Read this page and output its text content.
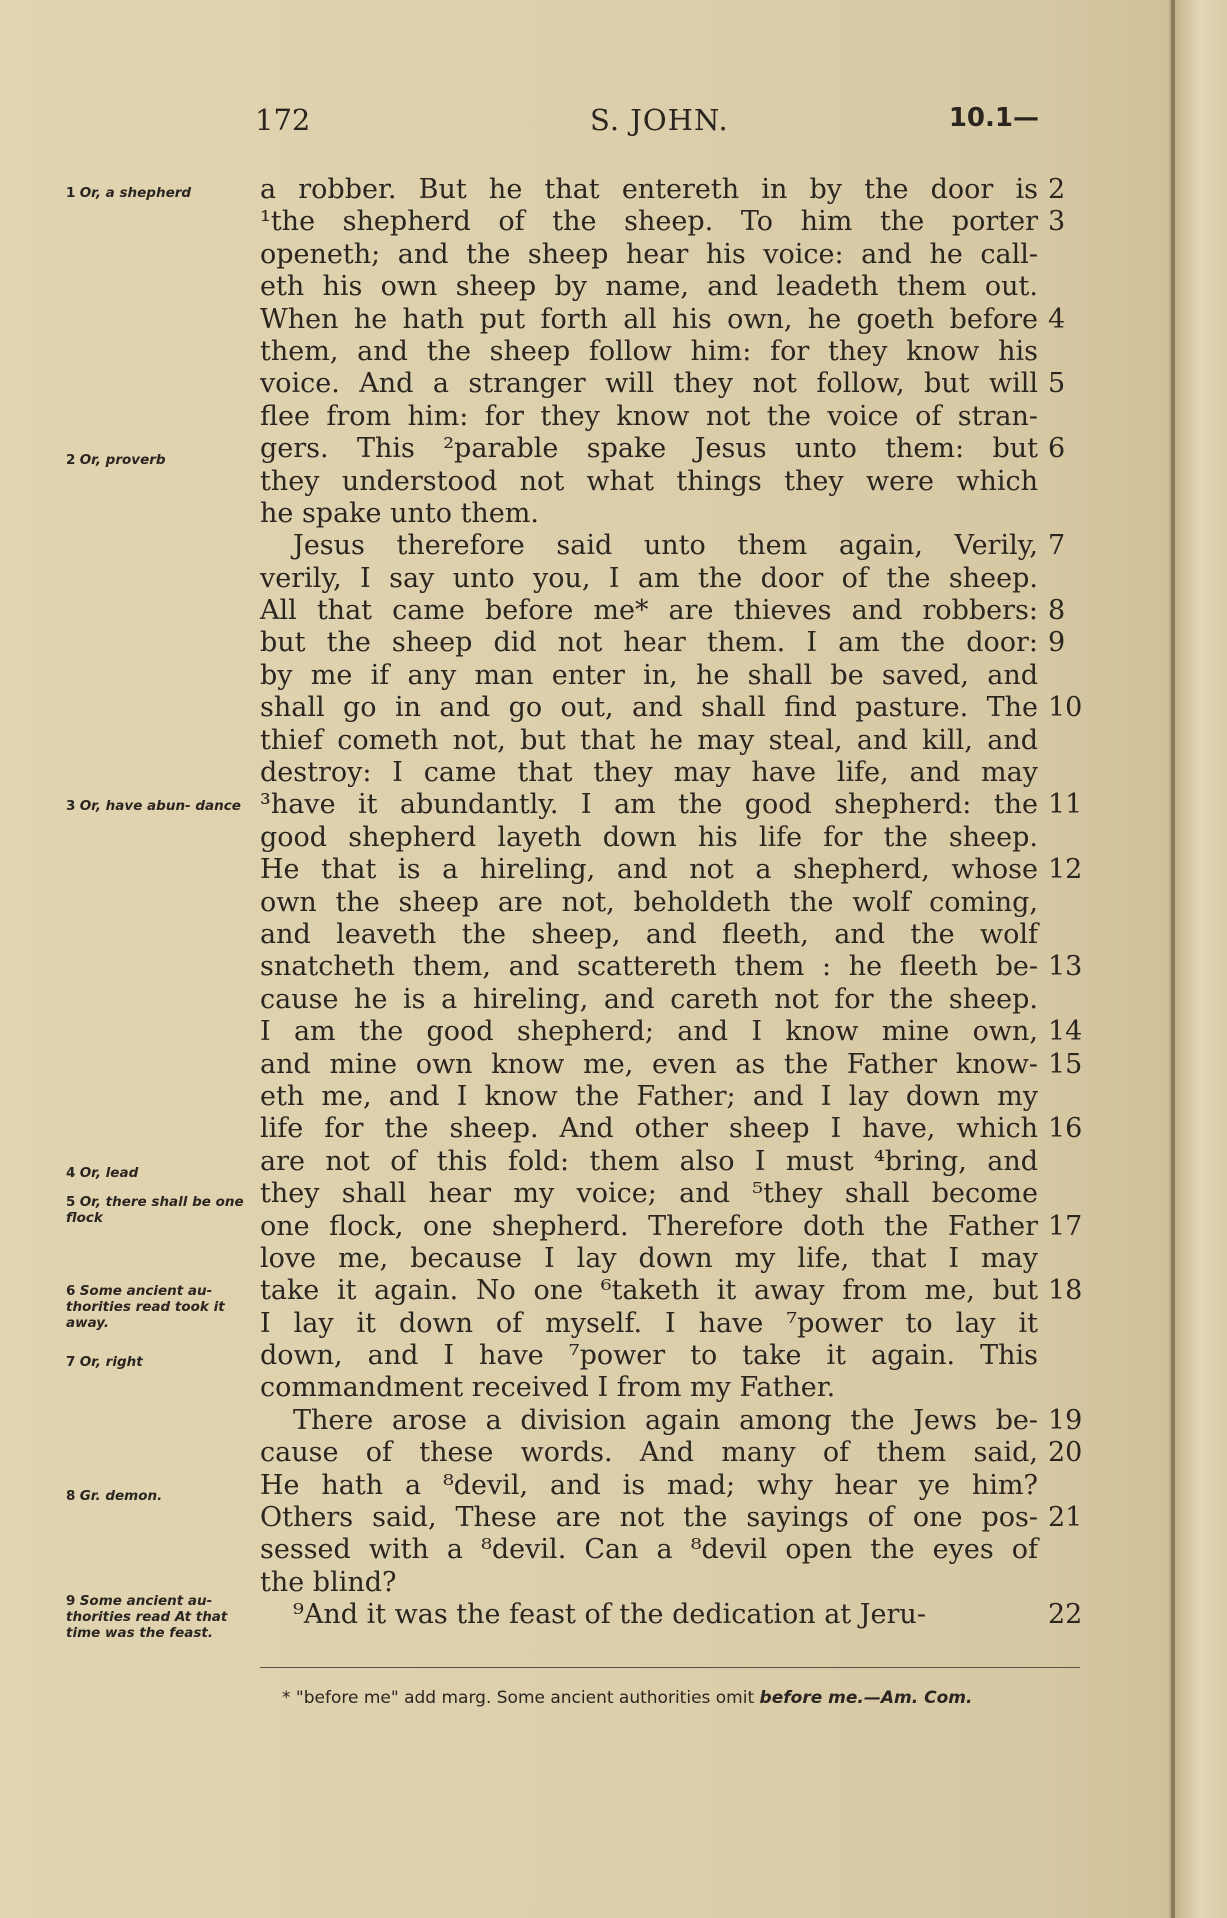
172	S. JOHN.	10.1—
1 Or, a shepherd
2 Or, proverb
3 Or, have abun- dance
4 Or, lead
5 Or, there shall be one flock
6 Some ancient au- thorities read took it away.
7 Or, right
8 Gr. demon.
9 Some ancient au- thorities read At that time was the feast.
a robber. But he that entereth in by the door is 2
¹the shepherd of the sheep. To him the porter 3
openeth; and the sheep hear his voice: and he call-
eth his own sheep by name, and leadeth them out.
When he hath put forth all his own, he goeth before 4
them, and the sheep follow him: for they know his
voice. And a stranger will they not follow, but will 5
flee from him: for they know not the voice of stran-
gers. This ²parable spake Jesus unto them: but 6
they understood not what things they were which
he spake unto them.
Jesus therefore said unto them again, Verily, 7
verily, I say unto you, I am the door of the sheep.
All that came before me* are thieves and robbers: 8
but the sheep did not hear them. I am the door: 9
by me if any man enter in, he shall be saved, and
shall go in and go out, and shall find pasture. The 10
thief cometh not, but that he may steal, and kill, and
destroy: I came that they may have life, and may
³have it abundantly. I am the good shepherd: the 11
good shepherd layeth down his life for the sheep.
He that is a hireling, and not a shepherd, whose 12
own the sheep are not, beholdeth the wolf coming,
and leaveth the sheep, and fleeth, and the wolf
snatcheth them, and scattereth them : he fleeth be- 13
cause he is a hireling, and careth not for the sheep.
I am the good shepherd; and I know mine own, 14
and mine own know me, even as the Father know- 15
eth me, and I know the Father; and I lay down my
life for the sheep. And other sheep I have, which 16
are not of this fold: them also I must ⁴bring, and
they shall hear my voice; and ⁵they shall become
one flock, one shepherd. Therefore doth the Father 17
love me, because I lay down my life, that I may
take it again. No one ⁶taketh it away from me, but 18
I lay it down of myself. I have ⁷power to lay it
down, and I have ⁷power to take it again. This
commandment received I from my Father.
There arose a division again among the Jews be- 19
cause of these words. And many of them said, 20
He hath a ⁸devil, and is mad; why hear ye him?
Others said, These are not the sayings of one pos- 21
sessed with a ⁸devil. Can a ⁸devil open the eyes of
the blind?
⁹And it was the feast of the dedication at Jeru-	22
* "before me" add marg. Some ancient authorities omit before me.—Am. Com.
